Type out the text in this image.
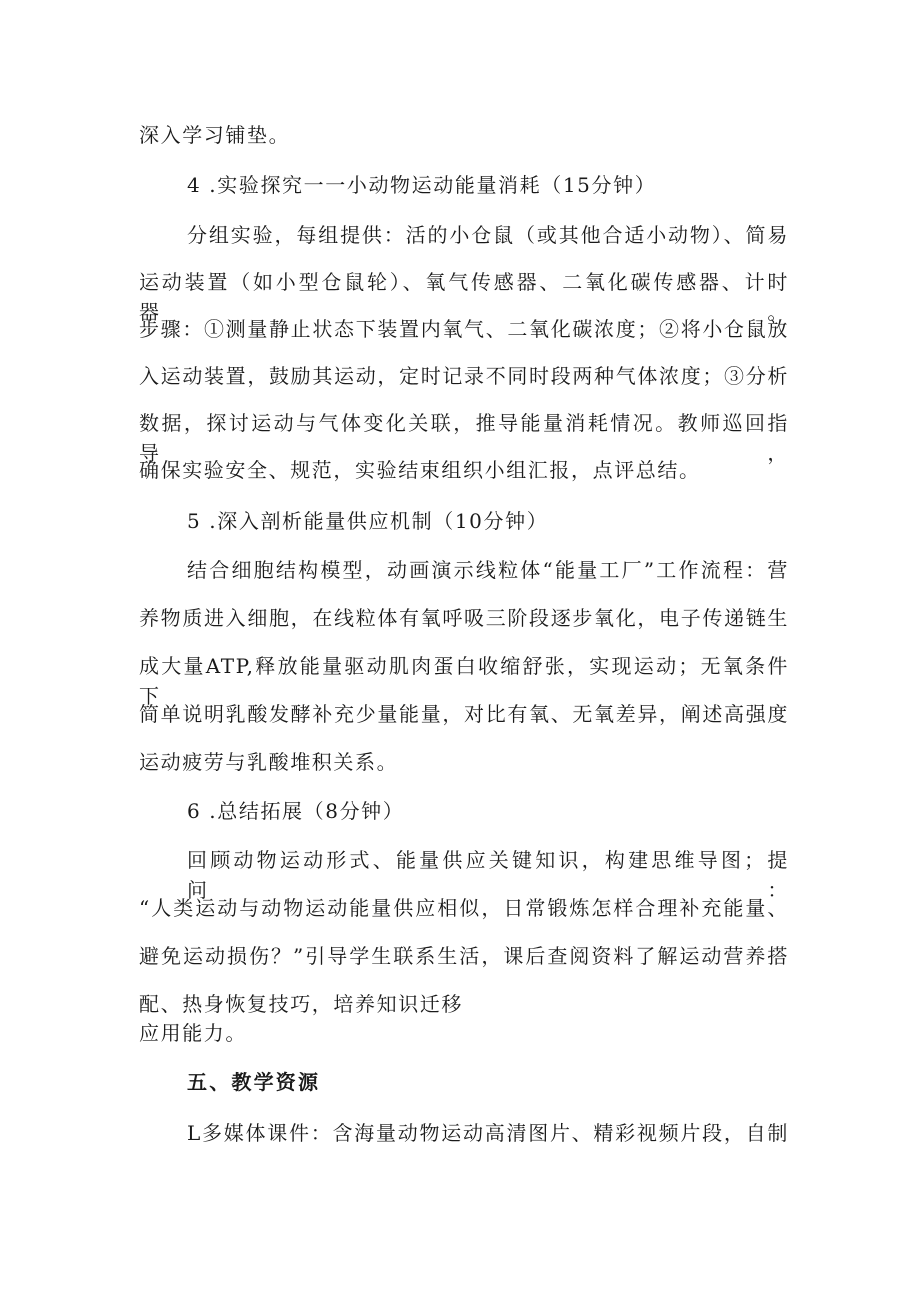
深入学习铺垫。
4 .实验探究一一小动物运动能量消耗（15分钟）
分组实验，每组提供：活的小仓鼠（或其他合适小动物）、简易
运动装置（如小型仓鼠轮）、氧气传感器、二氧化碳传感器、计时器。
步骤：①测量静止状态下装置内氧气、二氧化碳浓度；②将小仓鼠放
入运动装置，鼓励其运动，定时记录不同时段两种气体浓度；③分析
数据，探讨运动与气体变化关联，推导能量消耗情况。教师巡回指导，
确保实验安全、规范，实验结束组织小组汇报，点评总结。
5 .深入剖析能量供应机制（10分钟）
结合细胞结构模型，动画演示线粒体“能量工厂”工作流程：营
养物质进入细胞，在线粒体有氧呼吸三阶段逐步氧化，电子传递链生
成大量ATP,释放能量驱动肌肉蛋白收缩舒张，实现运动；无氧条件下
简单说明乳酸发酵补充少量能量，对比有氧、无氧差异，阐述高强度
运动疲劳与乳酸堆积关系。
6 .总结拓展（8分钟）
回顾动物运动形式、能量供应关键知识，构建思维导图；提问：
“人类运动与动物运动能量供应相似，日常锻炼怎样合理补充能量、
避免运动损伤？”引导学生联系生活，课后查阅资料了解运动营养搭
配、热身恢复技巧，培养知识迁移
应用能力。
五、教学资源
L多媒体课件：含海量动物运动高清图片、精彩视频片段，自制
